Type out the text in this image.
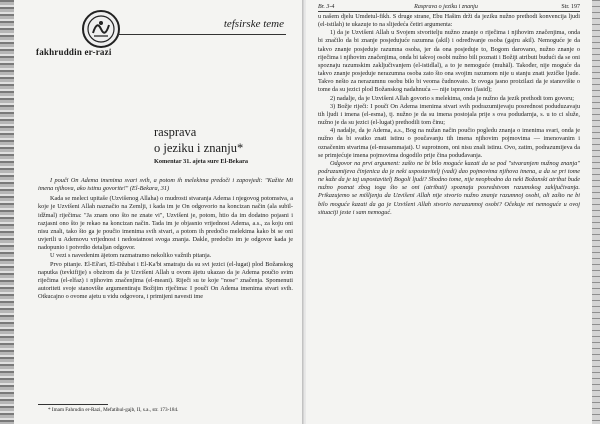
tefsirske teme
fakhruddin er-razi
rasprava
o jeziku i znanju*
Komentar 31. ajeta sure El-Bekara

I poučī On Adema imenima svari svih, a potom ih melekima predoči i zapovjedi: "Kažite Mi imena njihova, ako istinu govorite!" (El-Bekara, 31)

Kada se meleci upitaše (Uzvišenog Allaha) o mudrosti stvaranja Adema i njegovog potomstva, a koje je Uzvišeni Allah naznačio na Zemlji, i kada im je On odgovorio na koncizan način (ala subīl-idžmal) riječima: "Ja znam ono što ne znate vi", Uzvišeni je, potom, htio da im dodatno pojasni i razjasni ono što je rekao na koncizan način. Tada im je objasnio vrijednost Adema, a.s., za koju oni nisu znali, tako što ga je poučio imenima svih stvari, a potom ih predočio melekima kako bi se oni uvjerili u Ademovu vrijednost i nedostatnost svoga znanja. Dakle, predočio im je odgovor kada je nadopunio i potvrdio detaljan odgovor.

U vezi s navedenim ājetom razmatramo nekoliko važnih pitanja.

Prvo pitanje. El-Eš'ari, El-Džubai i El-Ka'bi smatraju da su svi jezici (el-lugat) plod Božanskog naputka (tevkifijje) s obzirom da je Uzvišeni Allah u ovom ājetu ukazao da je Adema poučio svim riječima (el-elfaz) i njihovim značenjima (el-meani). Riječi su te koje "nose" značenja. Spomenuti autoriteti svoje stanovište argumentiraju Božijim riječima: I poučī On Adema imenima stvari svih. Otkucajno o ovome ajetu u vidu odgovora, i primijeni navesti ime

* Imam Fahrudin er-Razi, Mefatihul-gajb, II, s.a., str. 173-184.
Br. 3-4	Rasprava o jeziku i znanju	Str. 197

u našem djelu Umdetul-fikh. S druge strane, Ebu Hašim drži da jeziku nužno prethodi konvencija ljudi (el-istilah) te ukazuje to na slijedeća četiri argumenta:

1) da je Uzvišeni Allah u Svojem stvoritelju nužno znanje o riječima i njihovim značenjima, onda bi značilo da bi znanje posjedujuće razumna (akil) i određivanje osoba (gajru akil). Nemoguće je da takvo znanje posjeduje razumna osoba, jer da ona posjeduje to, Bogom darovano, nužno znanje o riječima i njihovim značenjima, onda bi takvoj osobi nužno bili poznati i Božiji atributi budući da se oni spoznaju razumskim zaključivanjem (el-istidlal), a to je nemoguće (muhāl). Također, nije moguće da takvo znanje posjeduje nerazumna osoba zato što ona svojim razumom nije u stanju znati jezičke ljude. Takvo nešto za nerazumnu osobu bilo bi veoma čudnovato. Iz ovoga jasno proizilazi da je stanovište o tome da su jezici plod Božanskog nadahnuća — nije ispravno (fasid);

2) nadalje, da je Uzvišeni Allah govorio s melekima, onda je nužno da jezik prethodi tom govoru;

3) Božje riječi: I poučī On Adema imenima stvari svih podrazumijevaju posrednost poduduzavaju tih ljudi i imena (el-esma), tj. nužno je da su imena postojala prije s ova podudarnja, s. u to ci služe, nužno je da su jezici (el-lugat) prethodili tom činu;

4) nadalje, da je Adema, a.s., Bog na nužan način poučio pogledu znanja o imenima svari, onda je nužno da bi svatko znati istinu o poučavanju tih imena njihovim pojmovima — imenovanim i označenim stvarima (el-musammajat). U suprotnom, oni nisu znali istinu. Ovo, zatim, podrazumijeva da se primjećuje imena pojmovima dogodilo prije čina poduđavanja.

Odgovor na prvi argument: zašto ne bi bilo moguće kazati da se pod "stvaranjem nužnog znanja" podrazumijeva činjenica da je neki uspostavitelj (vadi) dao pojmovima njihova imena, a da se pri tome ne kaže da je taj uspostavitelj Bogoli ljudi? Shodno tome, nije neophodno da neki Božanski atribut bude nužno poznat zbog toga što se oni (atributi) spoznaju posredstvom razumskog zaključivanja. Prikazujemo se mišljenju da Uzvišeni Allah nije stvorio nužno znanje razumnoj osobi, ali zašto ne bi bilo moguće kazati da ga je Uzvišeni Allah stvorio nerazumnoj osobi? Očekuje mi nemoguće u ovoj situaciji jeste i sam nemoguć.
